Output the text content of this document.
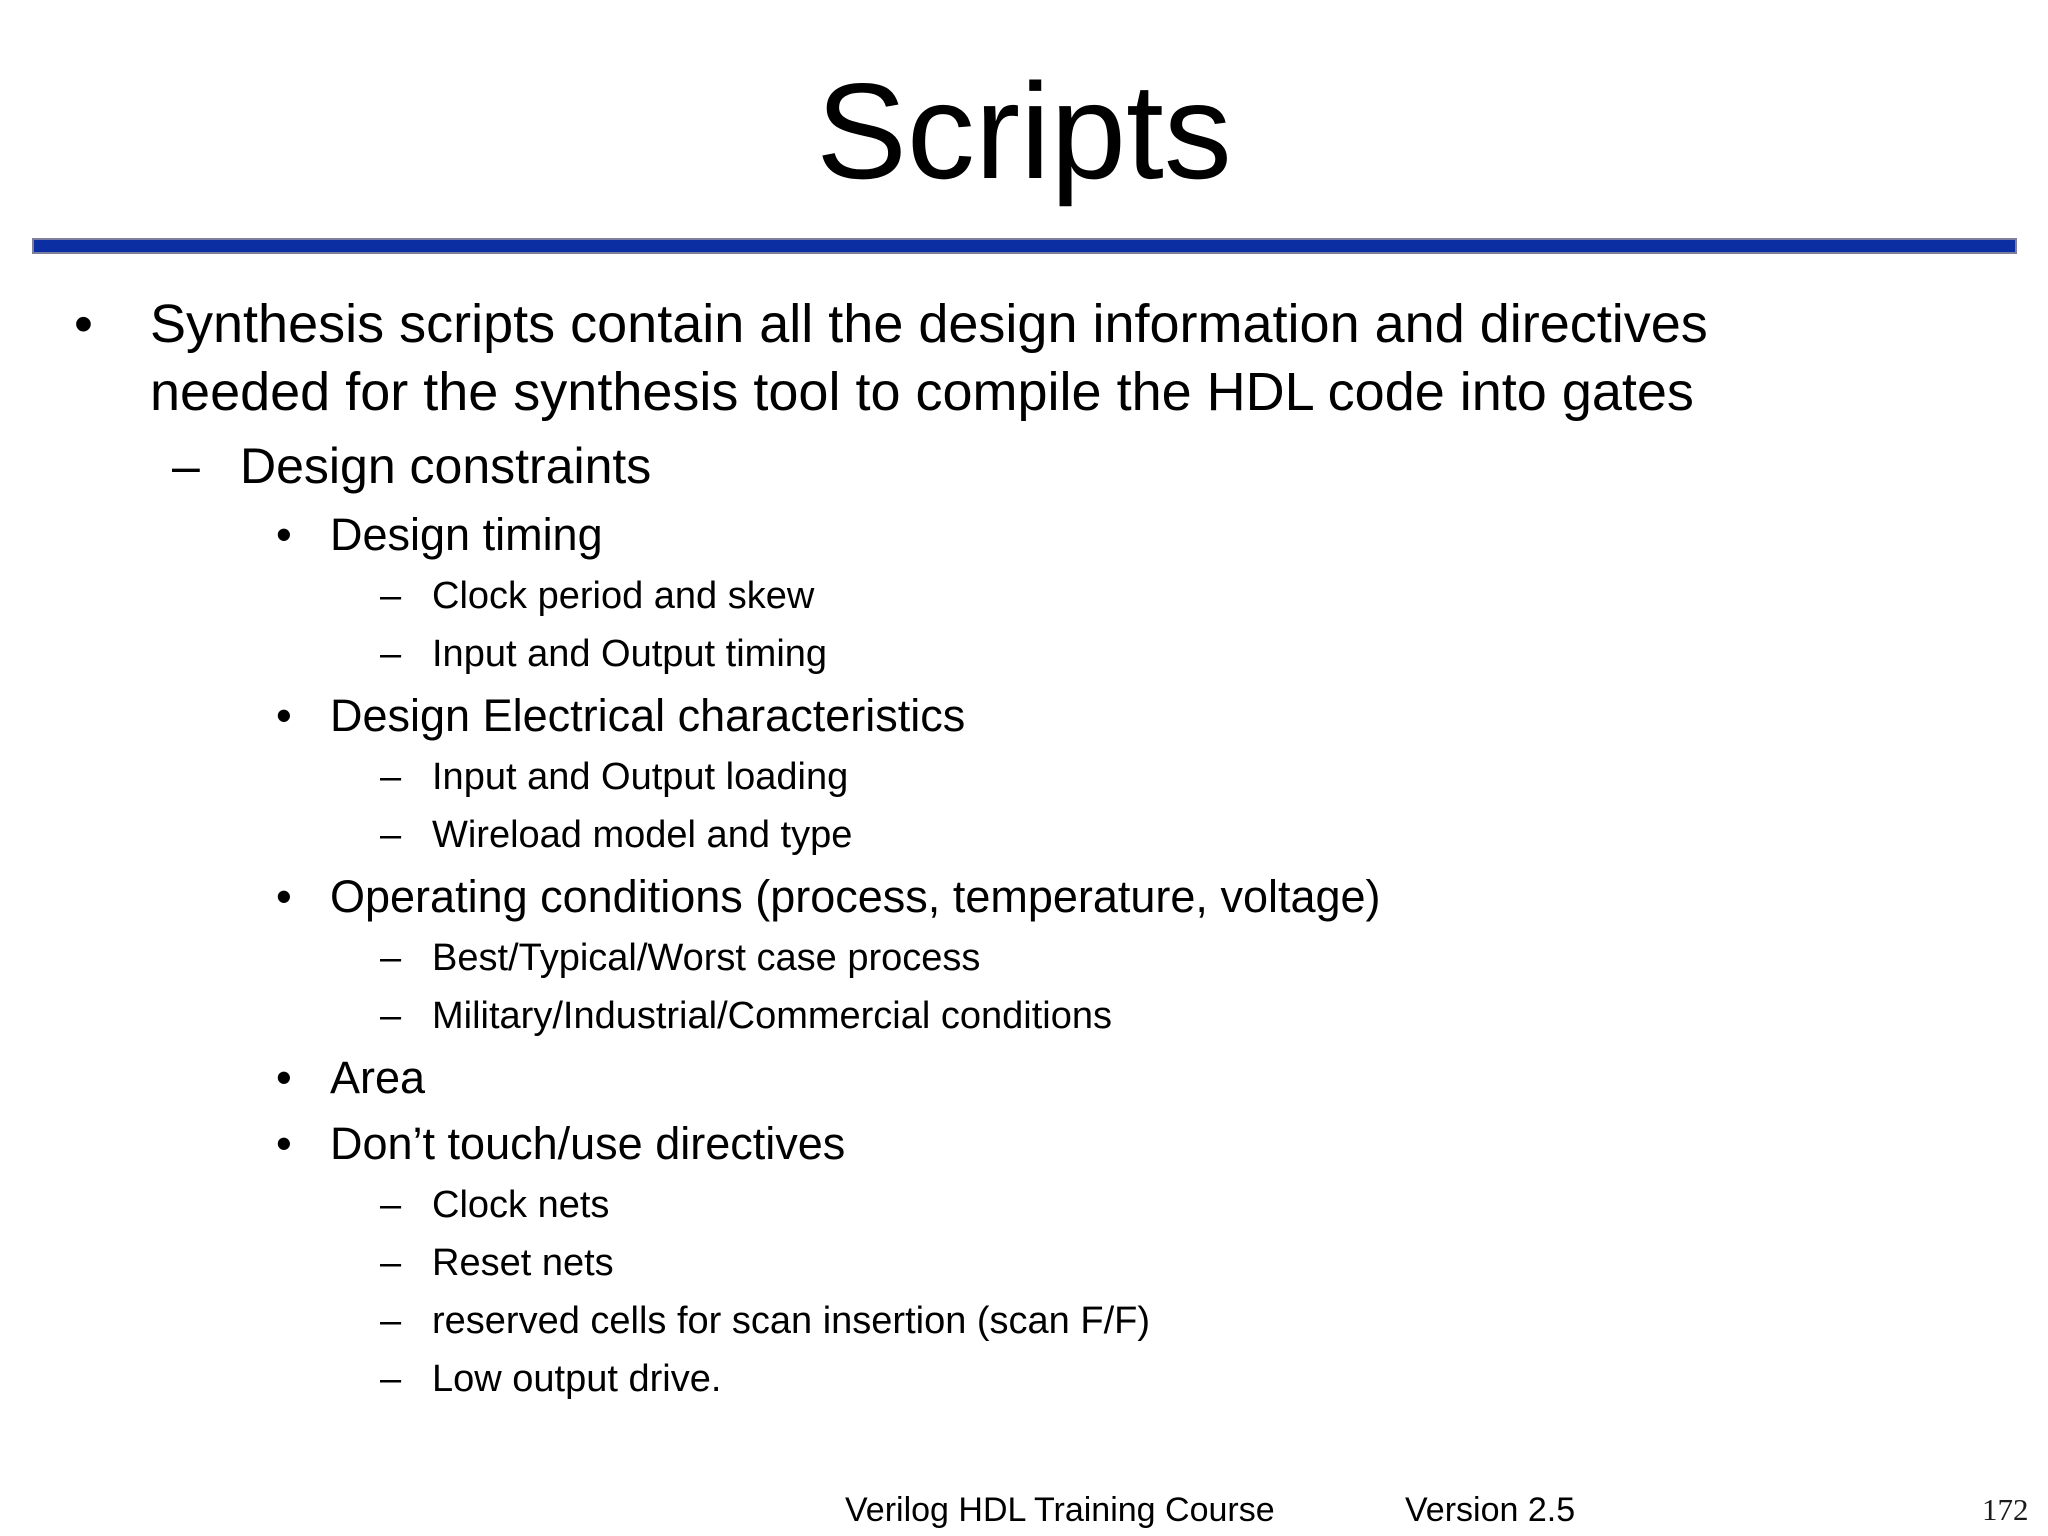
Scripts
• Synthesis scripts contain all the design information and directives
needed for the synthesis tool to compile the HDL code into gates
– Design constraints
• Design timing
– Clock period and skew
– Input and Output timing
• Design Electrical characteristics
– Input and Output loading
– Wireload model and type
• Operating conditions (process, temperature, voltage)
– Best/Typical/Worst case process
– Military/Industrial/Commercial conditions
• Area
• Don’t touch/use directives
– Clock nets
– Reset nets
– reserved cells for scan insertion (scan F/F)
– Low output drive.
Verilog HDL Training Course	Version 2.5	172
